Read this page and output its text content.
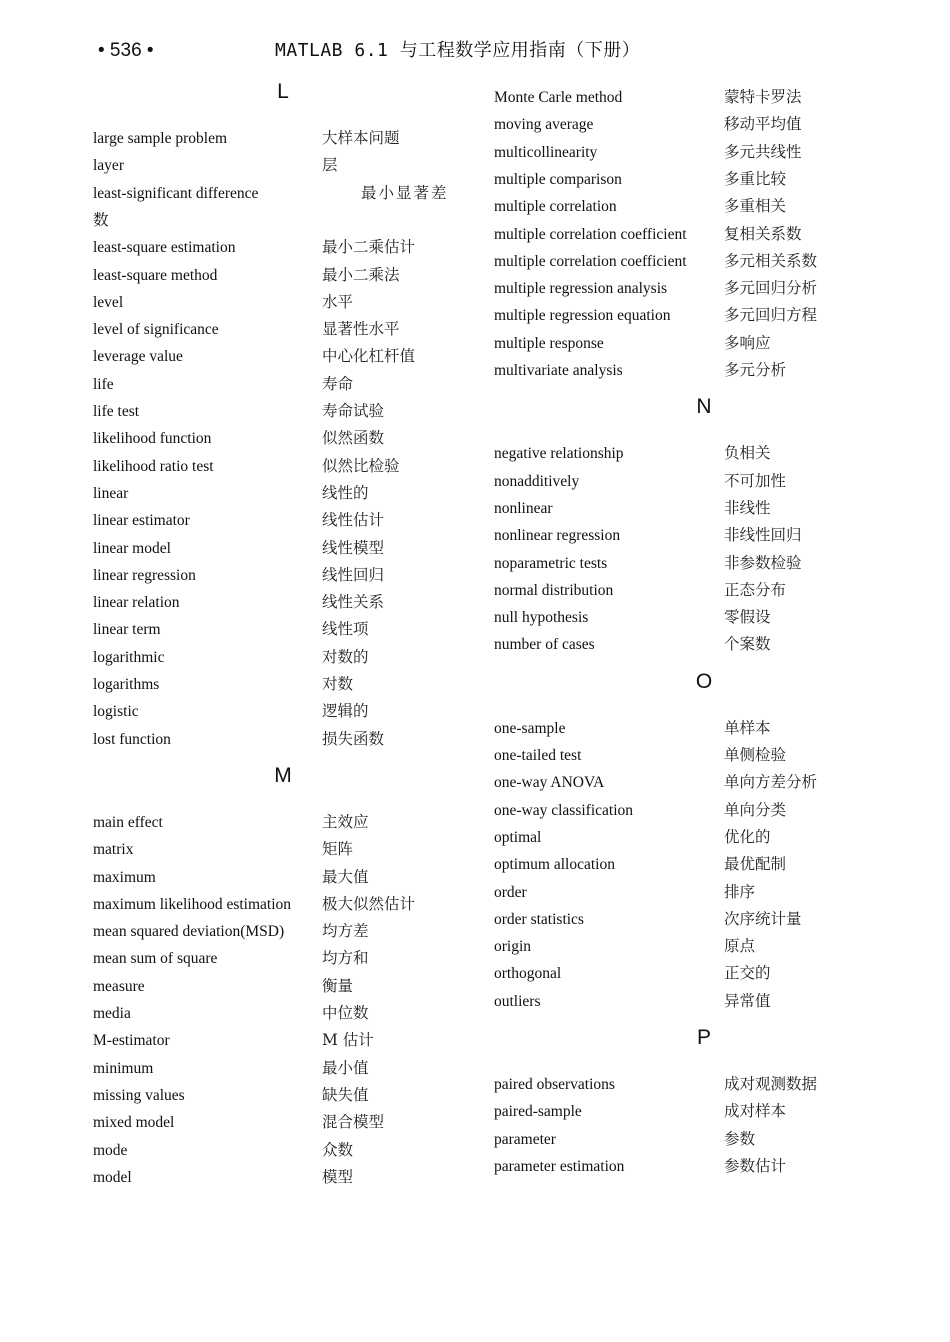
• 536 •	MATLAB 6.1 与工程数学应用指南（下册）
L
large sample problem	大样本问题
layer	层
least-significant difference	最小显著差
数
least-square estimation	最小二乘估计
least-square method	最小二乘法
level	水平
level of significance	显著性水平
leverage value	中心化杠杆值
life	寿命
life test	寿命试验
likelihood function	似然函数
likelihood ratio test	似然比检验
linear	线性的
linear estimator	线性估计
linear model	线性模型
linear regression	线性回归
linear relation	线性关系
linear term	线性项
logarithmic	对数的
logarithms	对数
logistic	逻辑的
lost function	损失函数
M
main effect	主效应
matrix	矩阵
maximum	最大值
maximum likelihood estimation 极大似然估计
mean squared deviation(MSD) 均方差
mean sum of square	均方和
measure	衡量
media	中位数
M-estimator	M 估计
minimum	最小值
missing values	缺失值
mixed model	混合模型
mode	众数
model	模型
Monte Carle method	蒙特卡罗法
moving average	移动平均值
multicollinearity	多元共线性
multiple comparison	多重比较
multiple correlation	多重相关
multiple correlation coefficient 复相关系数
multiple correlation coefficient 多元相关系数
multiple regression analysis	多元回归分析
multiple regression equation	多元回归方程
multiple response	多响应
multivariate analysis	多元分析
N
negative relationship	负相关
nonadditively	不可加性
nonlinear	非线性
nonlinear regression	非线性回归
noparametric tests	非参数检验
normal distribution	正态分布
null hypothesis	零假设
number of cases	个案数
O
one-sample	单样本
one-tailed test	单侧检验
one-way ANOVA	单向方差分析
one-way classification	单向分类
optimal	优化的
optimum allocation	最优配制
order	排序
order statistics	次序统计量
origin	原点
orthogonal	正交的
outliers	异常值
P
paired observations	成对观测数据
paired-sample	成对样本
parameter	参数
parameter estimation	参数估计
